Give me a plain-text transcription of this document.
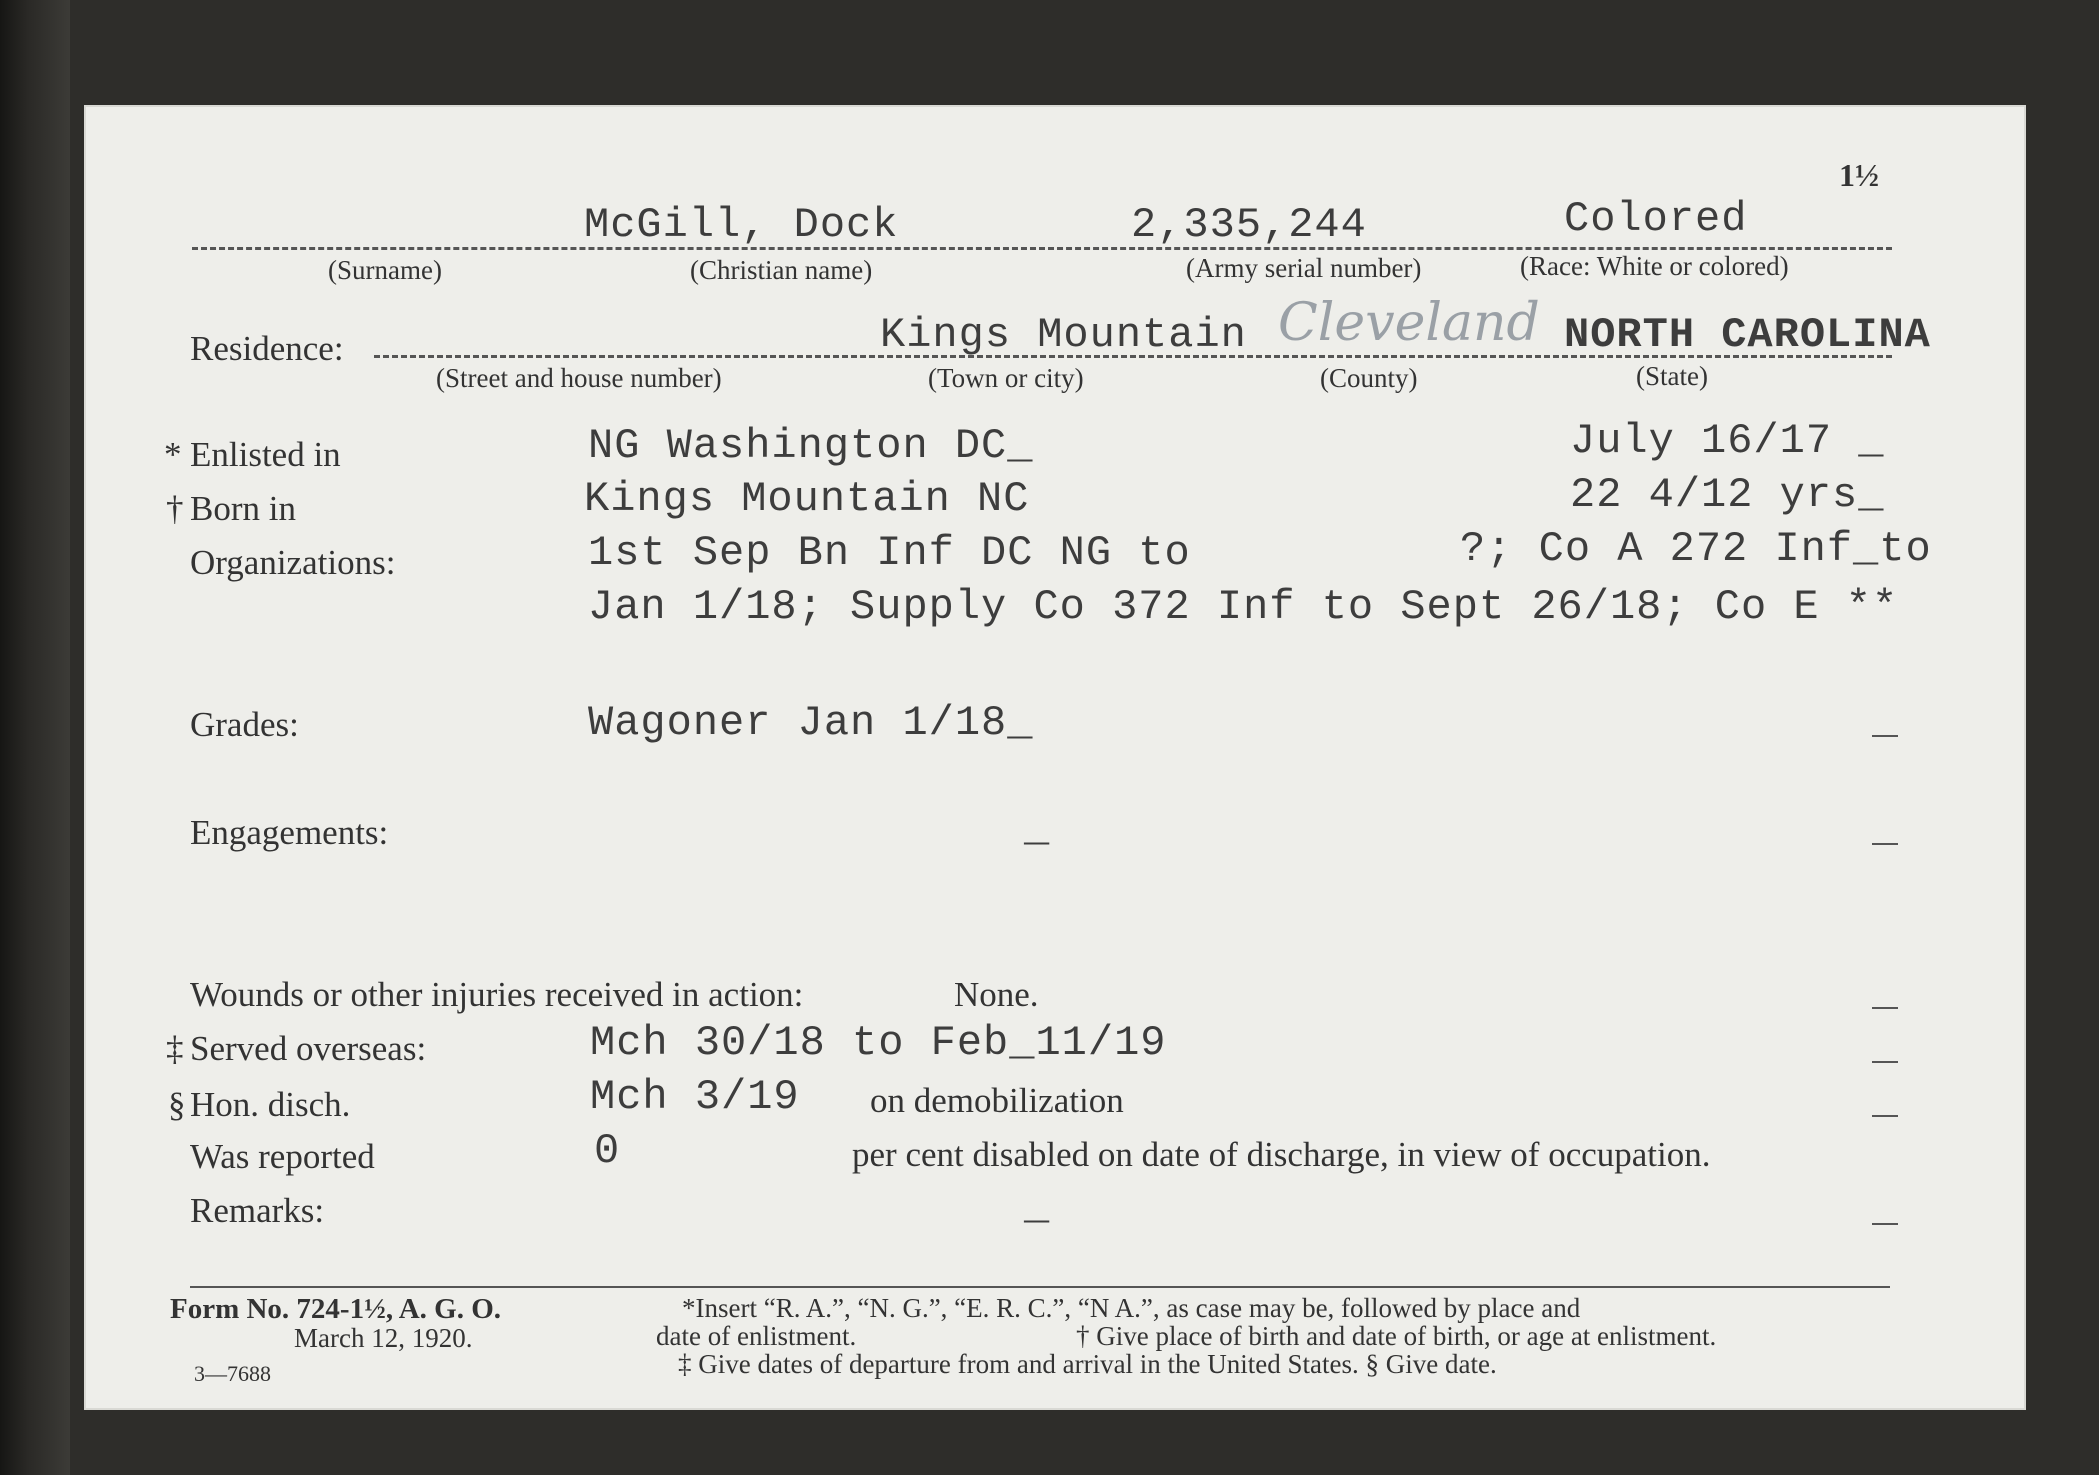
1½
McGill, Dock	2,335,244	Colored
(Surname)	(Christian name)	(Army serial number)	(Race: White or colored)
Residence:	Kings Mountain Cleveland NORTH CAROLINA
(Street and house number)	(Town or city)	(County)	(State)
* Enlisted in	NG Washington DC_	July 16/17 _
† Born in	Kings Mountain NC	22 4/12 yrs_
Organizations:	1st Sep Bn Inf DC NG to	?; Co A 272 Inf_to
Jan 1/18; Supply Co 372 Inf to Sept 26/18; Co E **
Grades:	Wagoner Jan 1/18_
Engagements:	_
Wounds or other injuries received in action:	None.
‡ Served overseas:	Mch 30/18 to Feb_11/19
§ Hon. disch.	Mch 3/19 on demobilization
Was reported	0	per cent disabled on date of discharge, in view of occupation.
Remarks:	_
Form No. 724-1½, A. G. O.
March 12, 1920.
3—7688
*Insert “R. A.”, “N. G.”, “E. R. C.”, “N A.”, as case may be, followed by place and
date of enlistment.	† Give place of birth and date of birth, or age at enlistment.
‡ Give dates of departure from and arrival in the United States. § Give date.
